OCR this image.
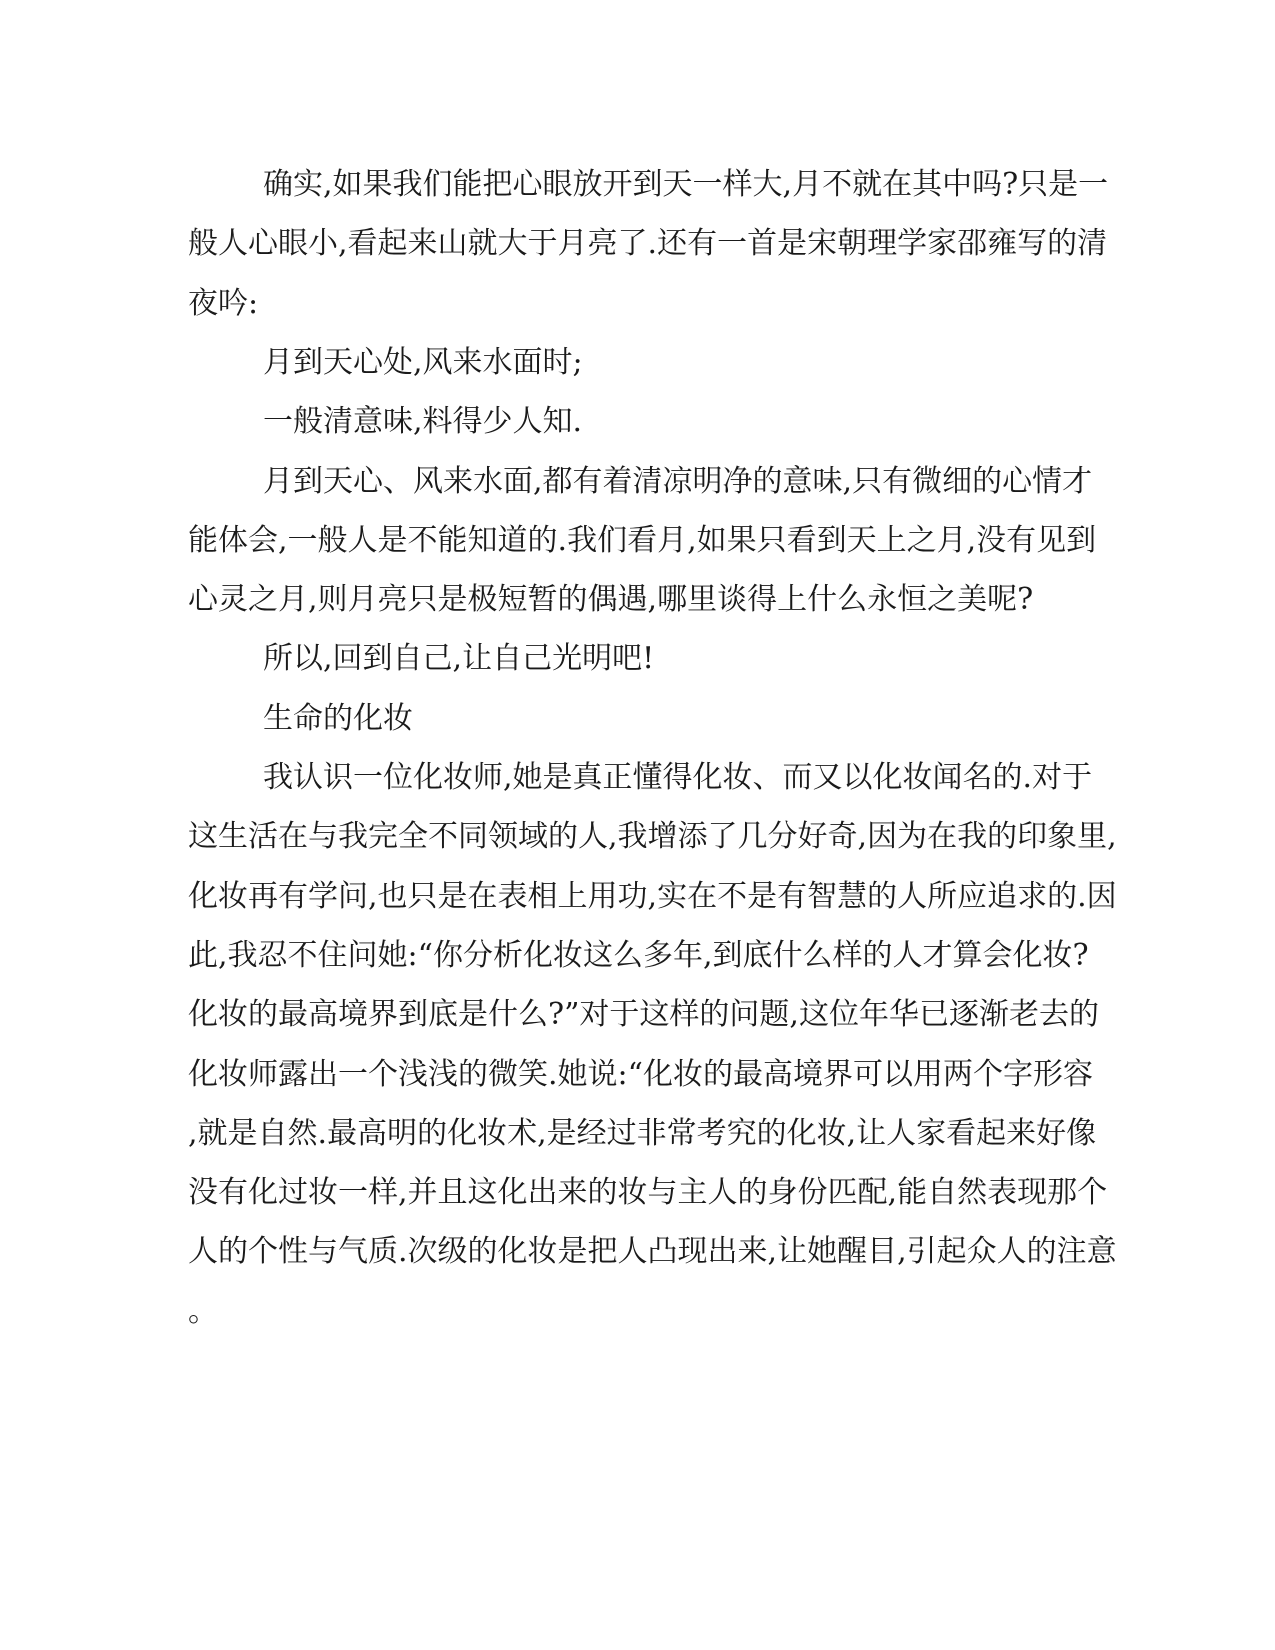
确实,如果我们能把心眼放开到天一样大,月不就在其中吗?只是一
般人心眼小,看起来山就大于月亮了.还有一首是宋朝理学家邵雍写的清
夜吟:
月到天心处,风来水面时;
一般清意味,料得少人知.
月到天心、风来水面,都有着清凉明净的意味,只有微细的心情才
能体会,一般人是不能知道的.我们看月,如果只看到天上之月,没有见到
心灵之月,则月亮只是极短暂的偶遇,哪里谈得上什么永恒之美呢?
所以,回到自己,让自己光明吧!
生命的化妆
我认识一位化妆师,她是真正懂得化妆、而又以化妆闻名的.对于
这生活在与我完全不同领域的人,我增添了几分好奇,因为在我的印象里,
化妆再有学问,也只是在表相上用功,实在不是有智慧的人所应追求的.因
此,我忍不住问她:“你分析化妆这么多年,到底什么样的人才算会化妆?
化妆的最高境界到底是什么?”对于这样的问题,这位年华已逐渐老去的
化妆师露出一个浅浅的微笑.她说:“化妆的最高境界可以用两个字形容
,就是自然.最高明的化妆术,是经过非常考究的化妆,让人家看起来好像
没有化过妆一样,并且这化出来的妆与主人的身份匹配,能自然表现那个
人的个性与气质.次级的化妆是把人凸现出来,让她醒目,引起众人的注意
。
